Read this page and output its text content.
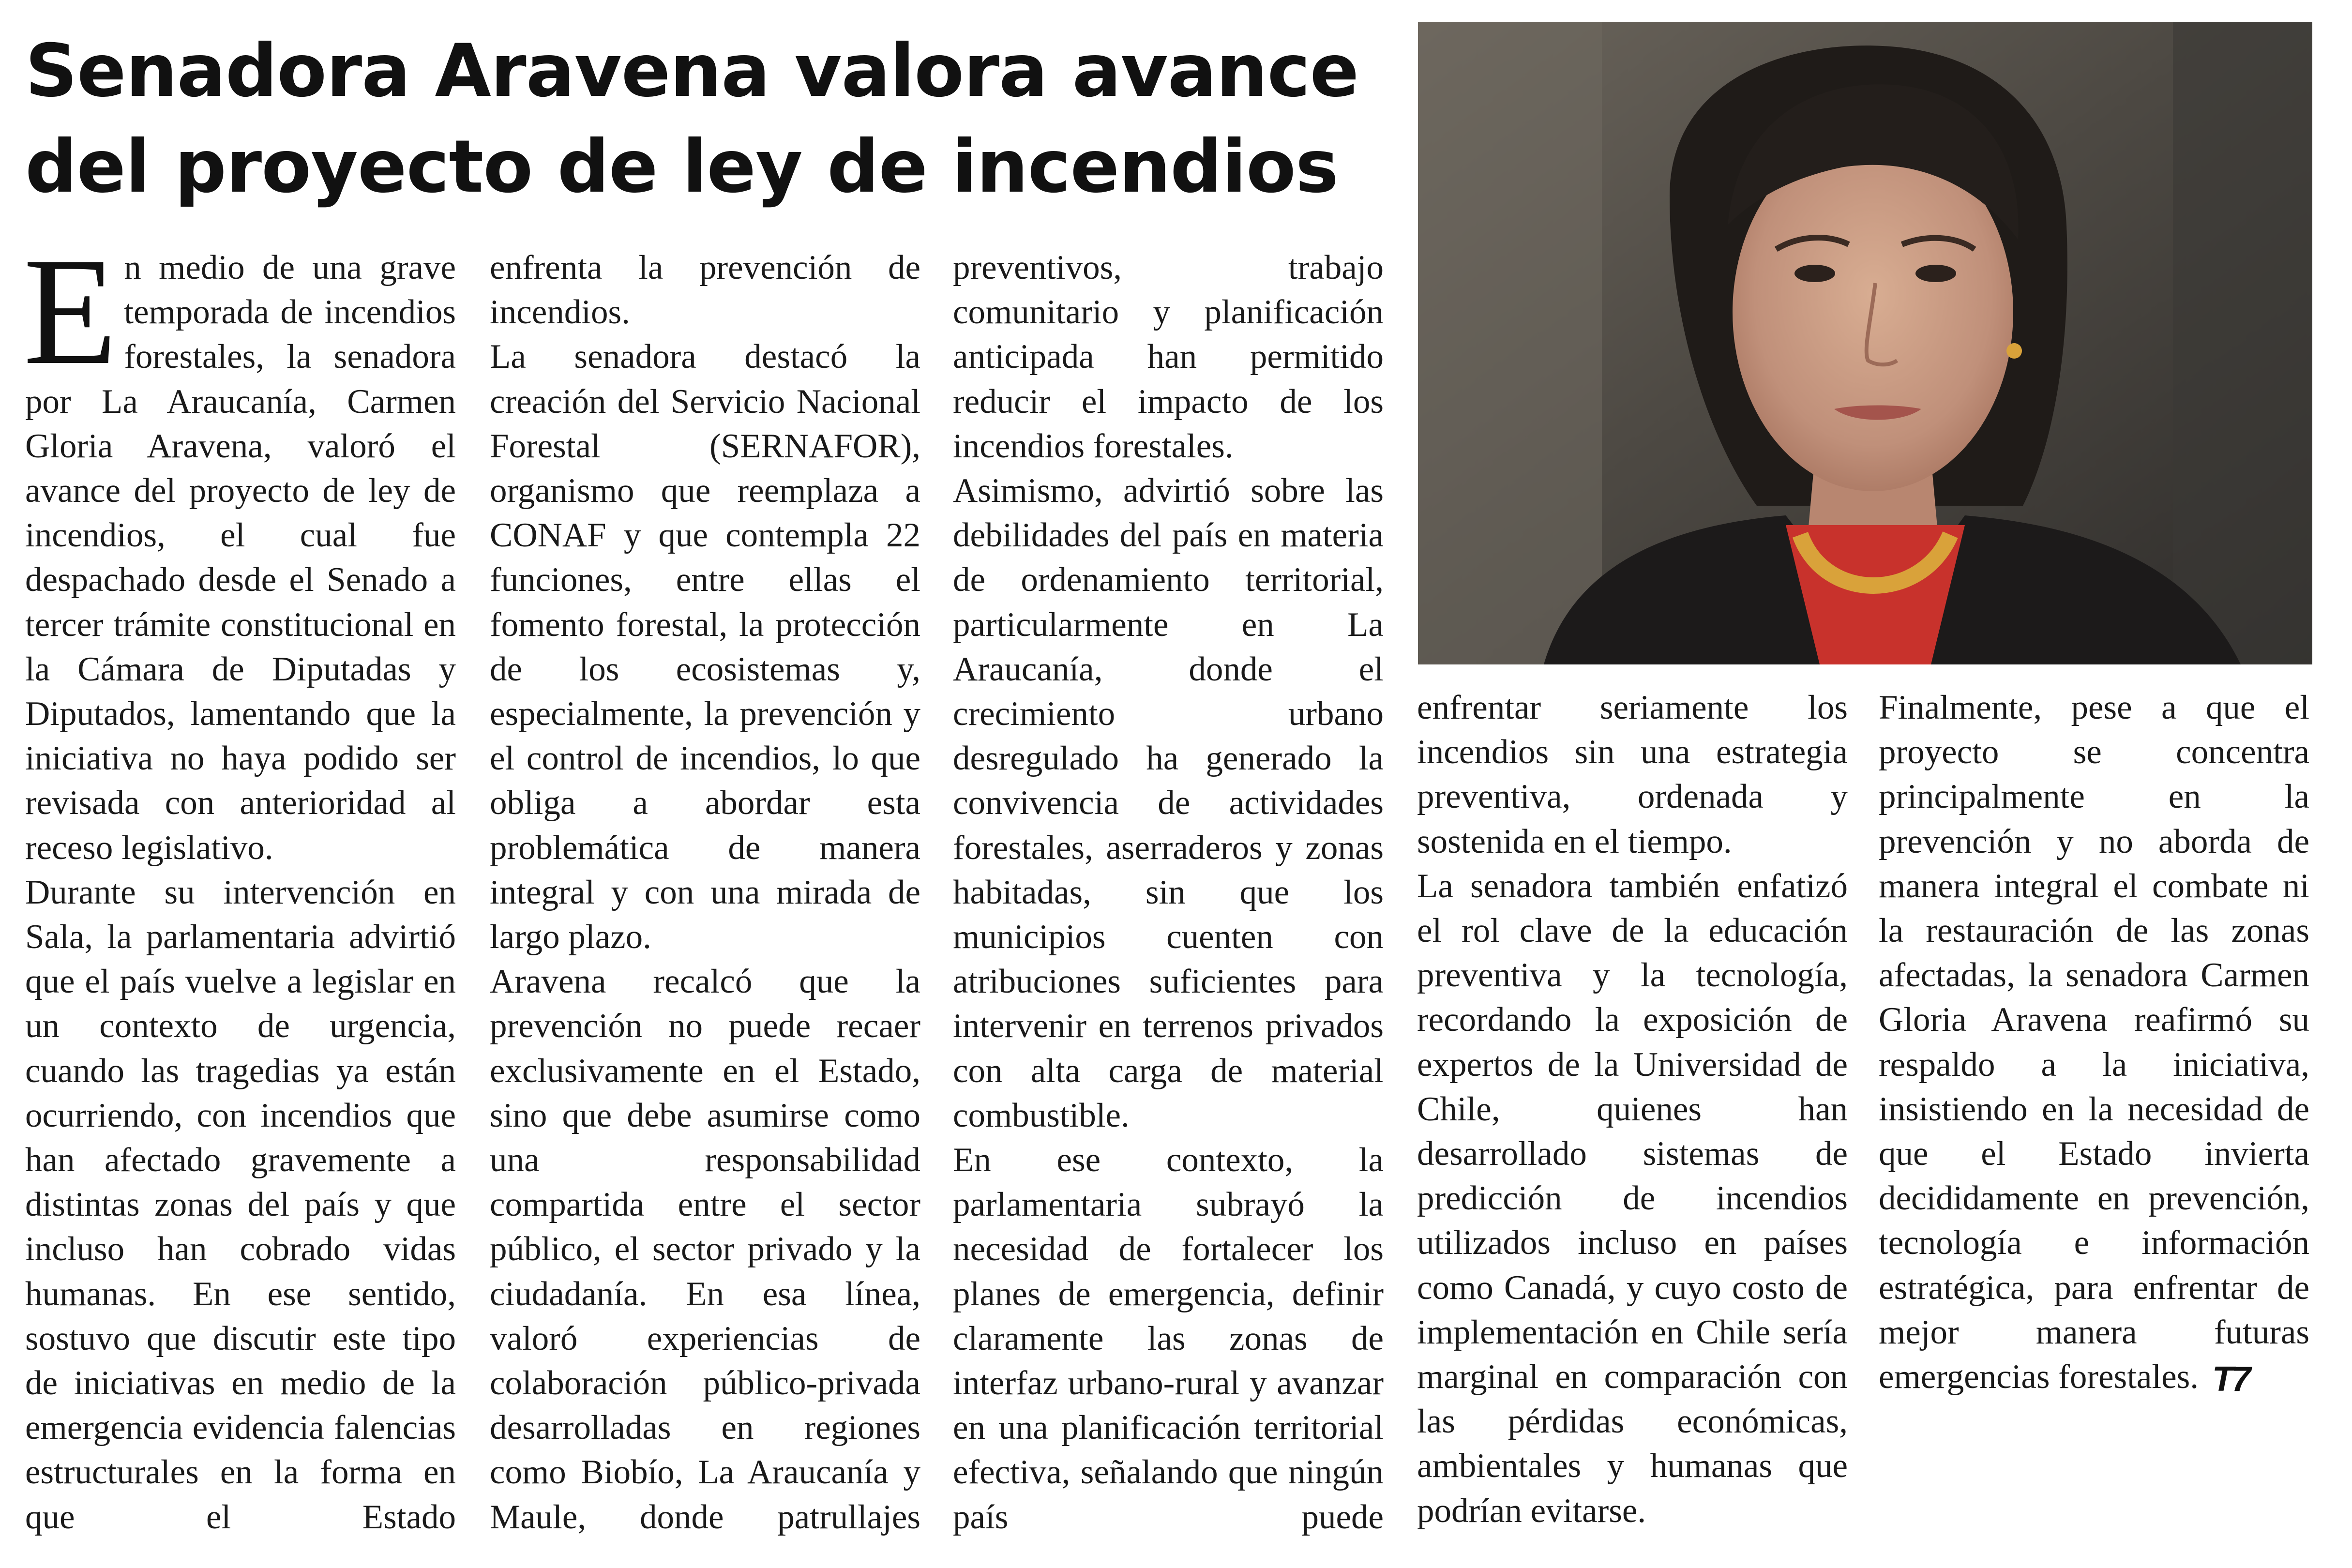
Senadora Aravena valora avance del proyecto de ley de incendios

En medio de una grave temporada de incendios forestales, la senadora por La Araucanía, Carmen Gloria Aravena, valoró el avance del proyecto de ley de incendios, el cual fue despachado desde el Senado a tercer trámite constitucional en la Cámara de Diputadas y Diputados, lamentando que la iniciativa no haya podido ser revisada con anterioridad al receso legislativo.

Durante su intervención en Sala, la parlamentaria advirtió que el país vuelve a legislar en un contexto de urgencia, cuando las tragedias ya están ocurriendo, con incendios que han afectado gravemente a distintas zonas del país y que incluso han cobrado vidas humanas. En ese sentido, sostuvo que discutir este tipo de iniciativas en medio de la emergencia evidencia falencias estructurales en la forma en que el Estado

enfrenta la prevención de incendios.

La senadora destacó la creación del Servicio Nacional Forestal (SERNAFOR), organismo que reemplaza a CONAF y que contempla 22 funciones, entre ellas el fomento forestal, la protección de los ecosistemas y, especialmente, la prevención y el control de incendios, lo que obliga a abordar esta problemática de manera integral y con una mirada de largo plazo.

Aravena recalcó que la prevención no puede recaer exclusivamente en el Estado, sino que debe asumirse como una responsabilidad compartida entre el sector público, el sector privado y la ciudadanía. En esa línea, valoró experiencias de colaboración público-privada desarrolladas en regiones como Biobío, La Araucanía y Maule, donde patrullajes

preventivos, trabajo comunitario y planificación anticipada han permitido reducir el impacto de los incendios forestales.

Asimismo, advirtió sobre las debilidades del país en materia de ordenamiento territorial, particularmente en La Araucanía, donde el crecimiento urbano desregulado ha generado la convivencia de actividades forestales, aserraderos y zonas habitadas, sin que los municipios cuenten con atribuciones suficientes para intervenir en terrenos privados con alta carga de material combustible.

En ese contexto, la parlamentaria subrayó la necesidad de fortalecer los planes de emergencia, definir claramente las zonas de interfaz urbano-rural y avanzar en una planificación territorial efectiva, señalando que ningún país puede

enfrentar seriamente los incendios sin una estrategia preventiva, ordenada y sostenida en el tiempo.

La senadora también enfatizó el rol clave de la educación preventiva y la tecnología, recordando la exposición de expertos de la Universidad de Chile, quienes han desarrollado sistemas de predicción de incendios utilizados incluso en países como Canadá, y cuyo costo de implementación en Chile sería marginal en comparación con las pérdidas económicas, ambientales y humanas que podrían evitarse.

Finalmente, pese a que el proyecto se concentra principalmente en la prevención y no aborda de manera integral el combate ni la restauración de las zonas afectadas, la senadora Carmen Gloria Aravena reafirmó su respaldo a la iniciativa, insistiendo en la necesidad de que el Estado invierta decididamente en prevención, tecnología e información estratégica, para enfrentar de mejor manera futuras emergencias forestales. T7
